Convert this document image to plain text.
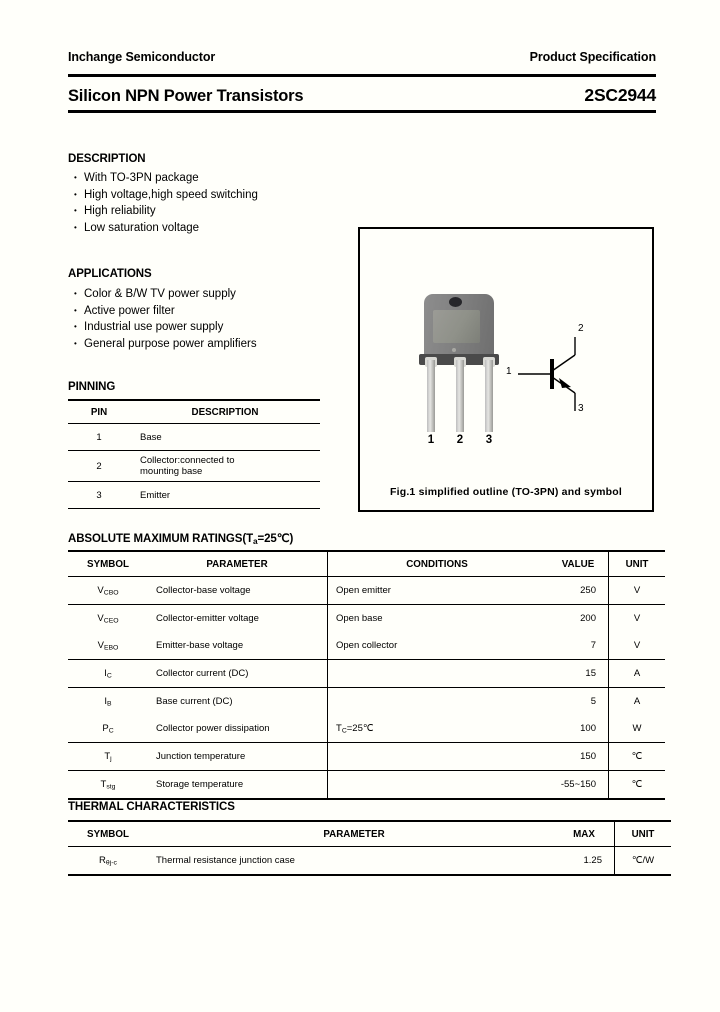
Inchange Semiconductor	Product Specification
Silicon NPN Power Transistors	2SC2944
DESCRIPTION
• With TO-3PN package
• High voltage,high speed switching
• High reliability
• Low saturation voltage
APPLICATIONS
• Color & B/W TV power supply
• Active power filter
• Industrial use power supply
• General purpose power amplifiers
PINNING
PIN	DESCRIPTION
1	Base
2	Collector:connected to
mounting base

3	Emitter
1	2	3
1
2
3
Fig.1 simplified outline (TO-3PN) and symbol
ABSOLUTE MAXIMUM $RATINGS(T_a=25℃)$
SYMBOL	PARAMETER	CONDITIONS	VALUE	UNIT
$V_{CBO}$	Collector-base voltage	Open emitter	250	V
$V_{CEO}$	Collector-emitter voltage	Open base	200	V
$V_{EBO}$	Emitter-base voltage	Open collector	7	V
$I_C$	Collector current (DC)		15	A
$I_B$	Base current (DC)		5	A
$P_C$	Collector power dissipation	$T_C=25℃$	100	W
$T_j$	Junction temperature		150	℃
$T_{stg}$	Storage temperature		-55~150	℃
THERMAL CHARACTERISTICS
SYMBOL	PARAMETER	MAX	UNIT
$R_{\theta j-c}$	Thermal resistance junction case	1.25	℃/W
